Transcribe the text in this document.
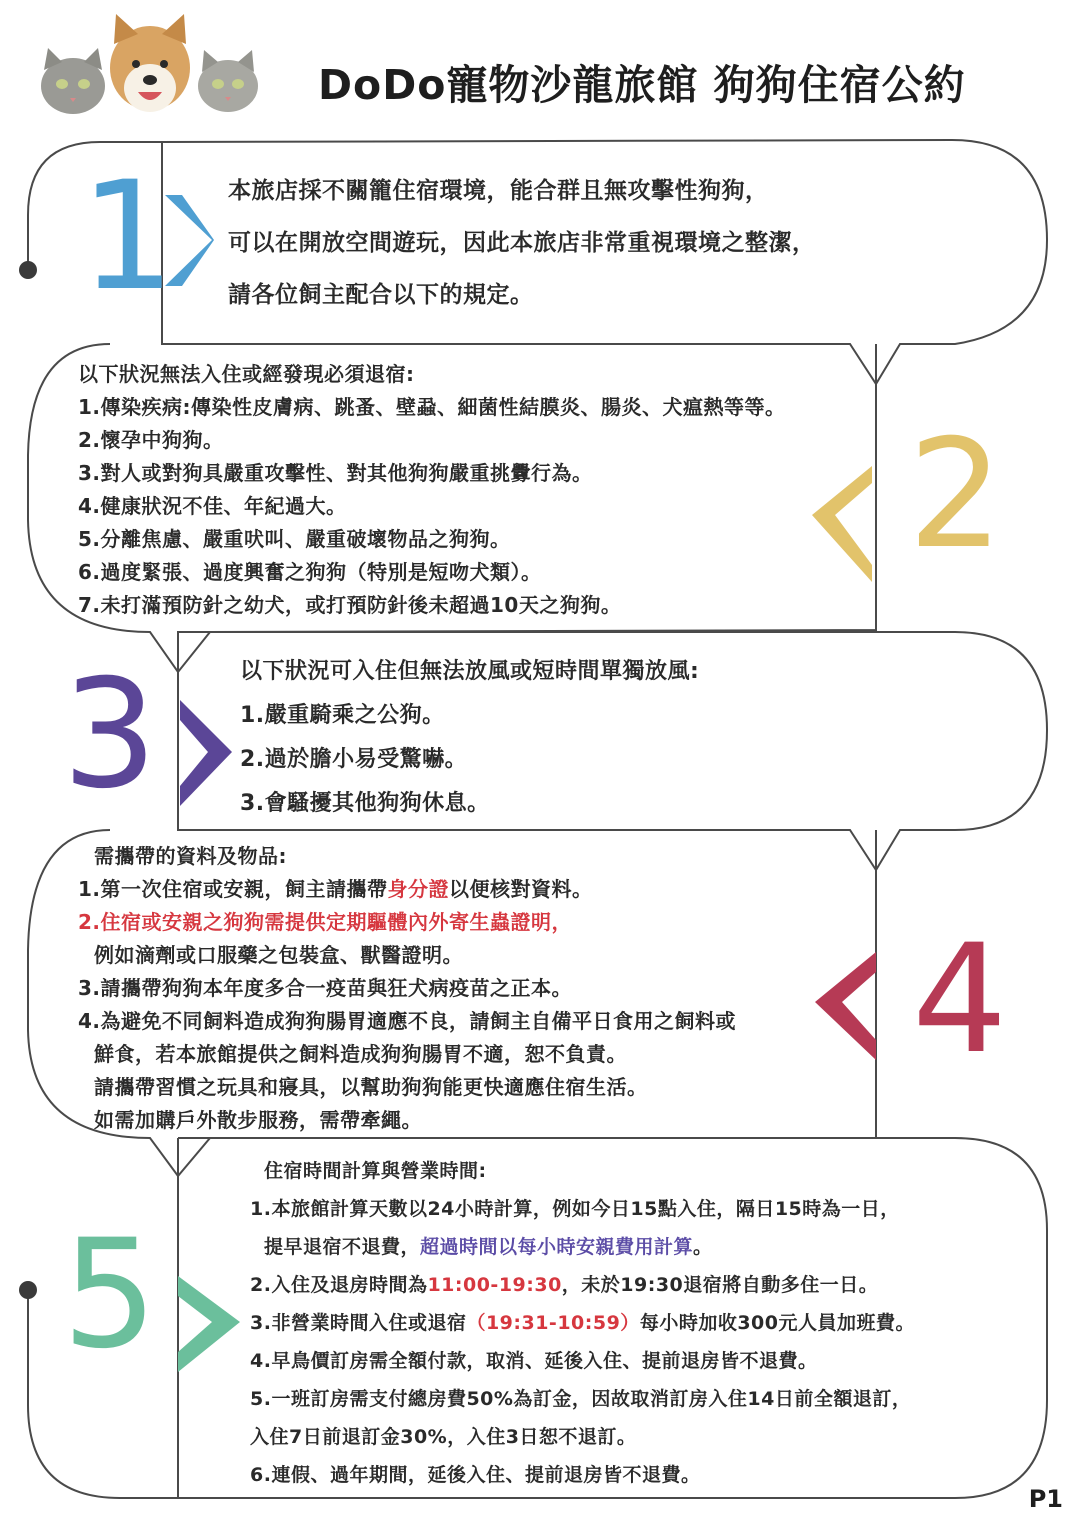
DoDo寵物沙龍旅館 狗狗住宿公約
1 本旅店採不關籠住宿環境，能合群且無攻擊性狗狗，
可以在開放空間遊玩，因此本旅店非常重視環境之整潔，
請各位飼主配合以下的規定。
2
以下狀況無法入住或經發現必須退宿:
1.傳染疾病:傳染性皮膚病、跳蚤、壁蝨、細菌性結膜炎、腸炎、犬瘟熱等等。
2.懷孕中狗狗。
3.對人或對狗具嚴重攻擊性、對其他狗狗嚴重挑釁行為。
4.健康狀況不佳、年紀過大。
5.分離焦慮、嚴重吠叫、嚴重破壞物品之狗狗。
6.過度緊張、過度興奮之狗狗（特別是短吻犬類）。
7.未打滿預防針之幼犬，或打預防針後未超過10天之狗狗。
3	以下狀況可入住但無法放風或短時間單獨放風:
1.嚴重騎乘之公狗。
2.過於膽小易受驚嚇。
3.會騷擾其他狗狗休息。
4
需攜帶的資料及物品:
1.第一次住宿或安親，飼主請攜帶身分證以便核對資料。
2.住宿或安親之狗狗需提供定期驅體內外寄生蟲證明，
例如滴劑或口服藥之包裝盒、獸醫證明。
3.請攜帶狗狗本年度多合一疫苗與狂犬病疫苗之正本。
4.為避免不同飼料造成狗狗腸胃適應不良，請飼主自備平日食用之飼料或
鮮食，若本旅館提供之飼料造成狗狗腸胃不適，恕不負責。
請攜帶習慣之玩具和寢具，以幫助狗狗能更快適應住宿生活。
如需加購戶外散步服務，需帶牽繩。
5
住宿時間計算與營業時間:
1.本旅館計算天數以24小時計算，例如今日15點入住，隔日15時為一日，
提早退宿不退費，超過時間以每小時安親費用計算。
2.入住及退房時間為11:00-19:30，未於19:30退宿將自動多住一日。
3.非營業時間入住或退宿（19:31-10:59）每小時加收300元人員加班費。
4.早鳥價訂房需全額付款，取消、延後入住、提前退房皆不退費。
5.一班訂房需支付總房費50%為訂金，因故取消訂房入住14日前全額退訂，
入住7日前退訂金30%，入住3日恕不退訂。
6.連假、過年期間，延後入住、提前退房皆不退費。
P1
